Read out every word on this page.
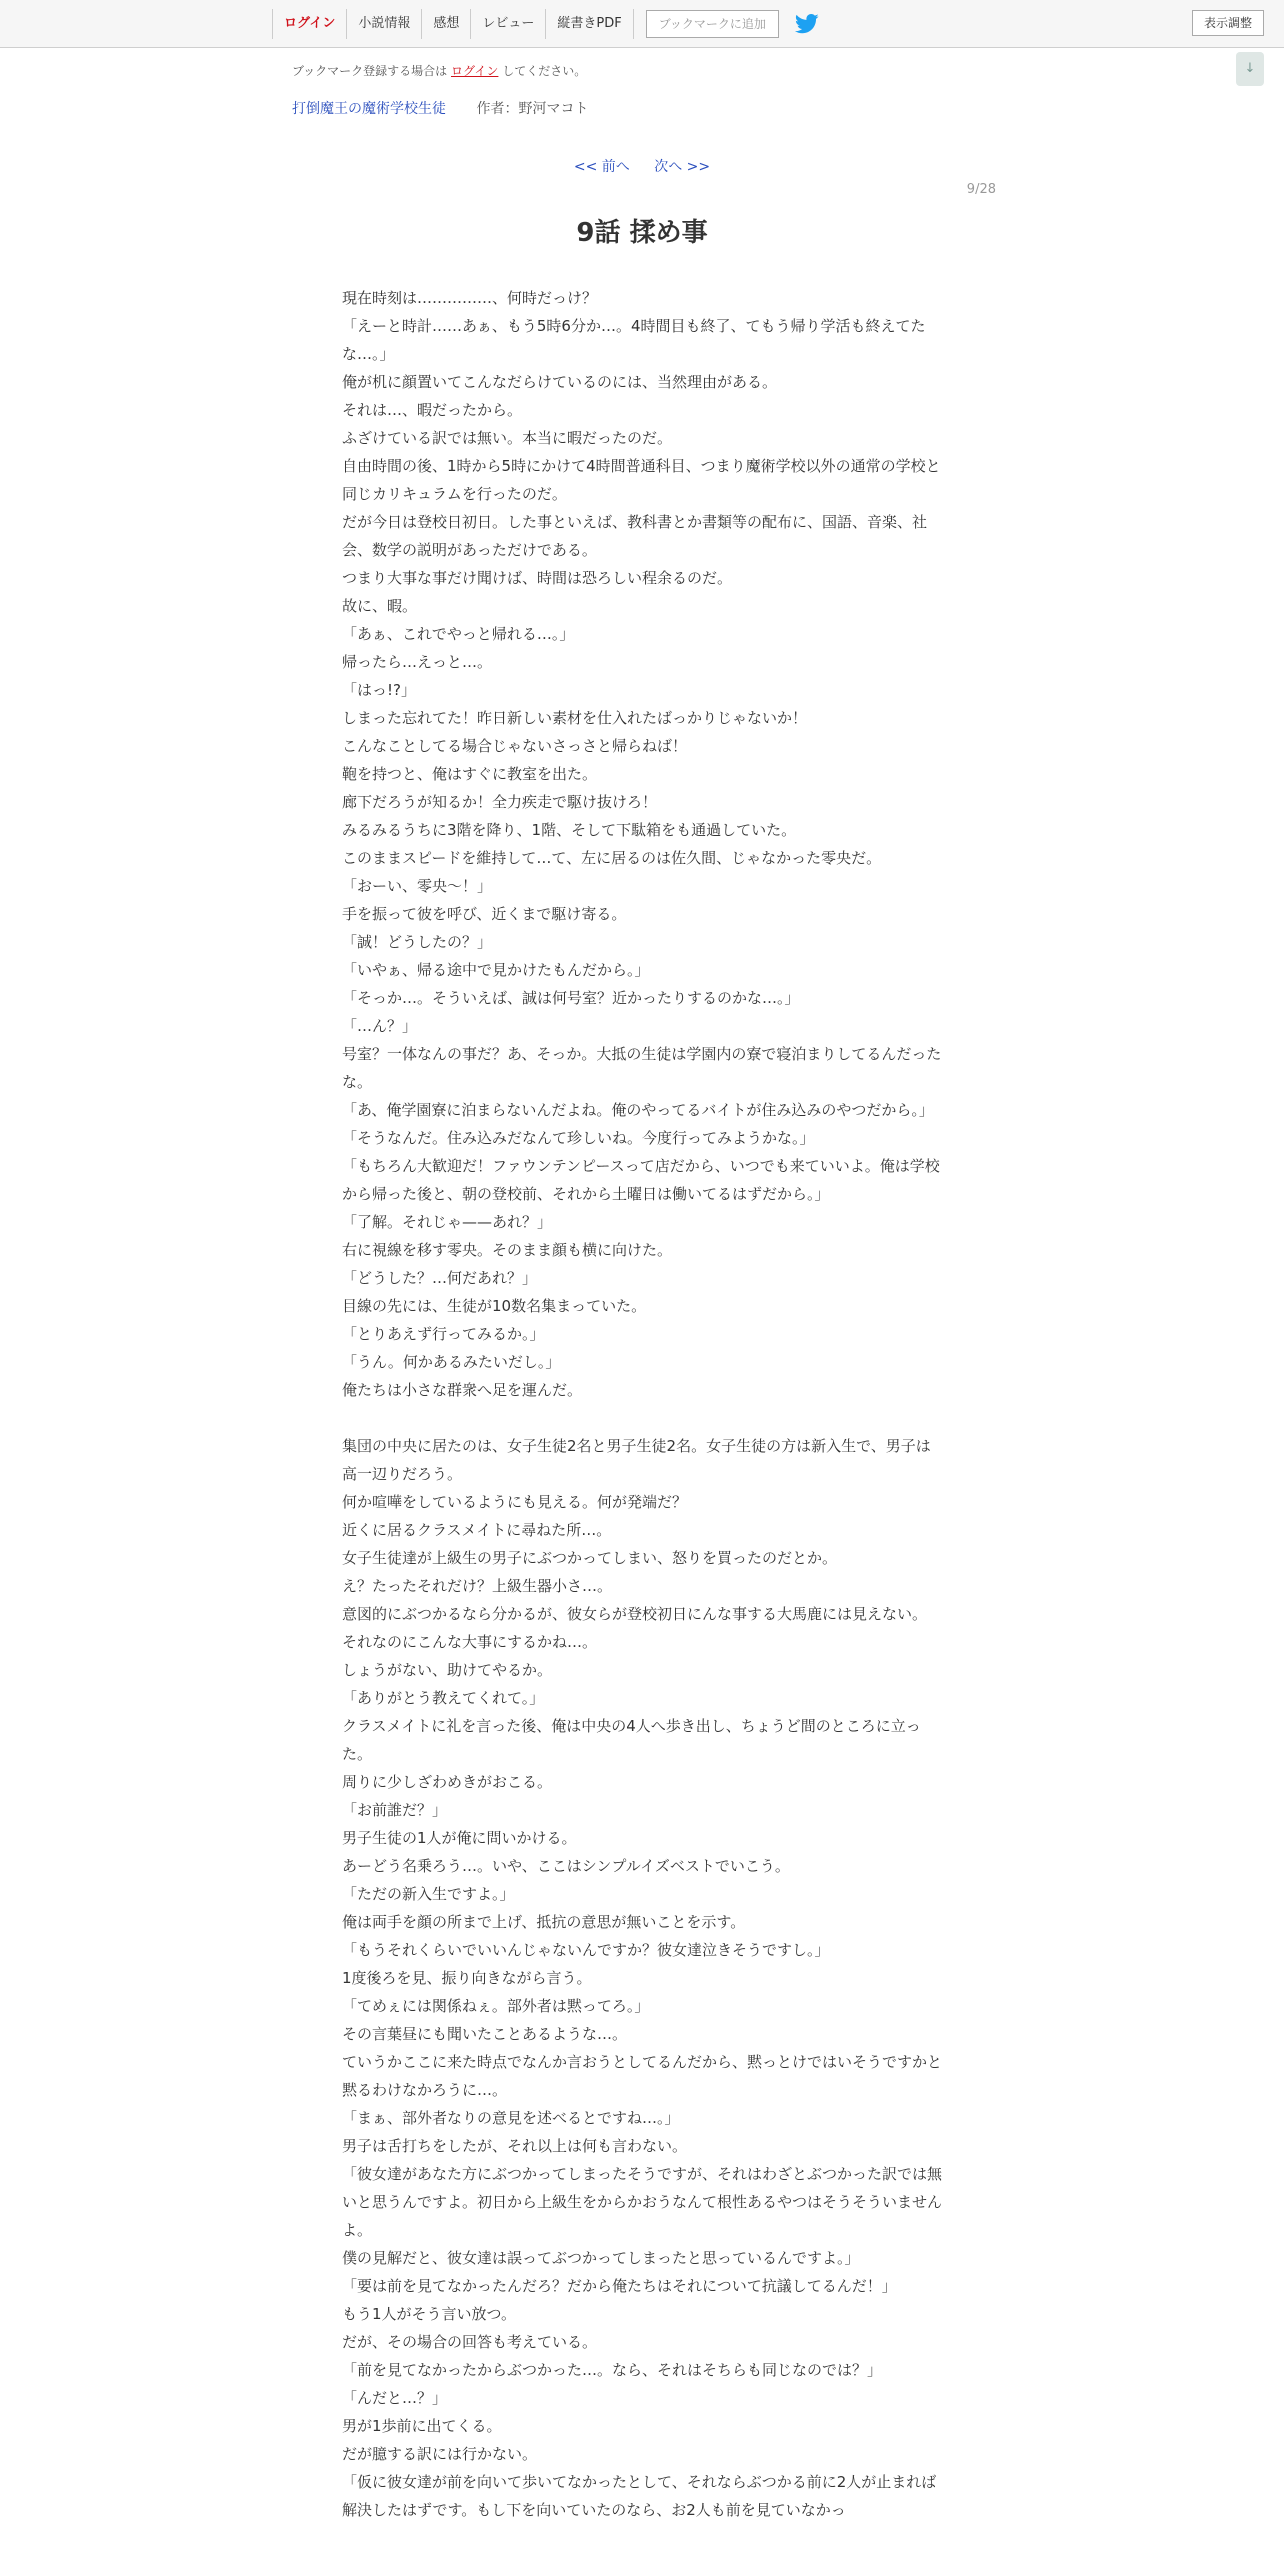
ログイン	小説情報	感想	レビュー	縦書きPDF	ブックマークに追加	表示調整
↓
ブックマーク登録する場合は ログイン してください。
打倒魔王の魔術学校生徒 作者：野河マコト
<< 前へ 次へ >>
9/28
9話 揉め事

現在時刻は……………、何時だっけ？

「えーと時計……あぁ、もう5時6分か…。4時間目も終了、てもう帰り学活も終えてたな…。」

俺が机に顔置いてこんなだらけているのには、当然理由がある。

それは…、暇だったから。

ふざけている訳では無い。本当に暇だったのだ。

自由時間の後、1時から5時にかけて4時間普通科目、つまり魔術学校以外の通常の学校と同じカリキュラムを行ったのだ。

だが今日は登校日初日。した事といえば、教科書とか書類等の配布に、国語、音楽、社会、数学の説明があっただけである。

つまり大事な事だけ聞けば、時間は恐ろしい程余るのだ。

故に、暇。

「あぁ、これでやっと帰れる…。」

帰ったら…えっと…。

「はっ!?」

しまった忘れてた！昨日新しい素材を仕入れたばっかりじゃないか！

こんなことしてる場合じゃないさっさと帰らねば！

鞄を持つと、俺はすぐに教室を出た。

廊下だろうが知るか！全力疾走で駆け抜けろ！

みるみるうちに3階を降り、1階、そして下駄箱をも通過していた。

このままスピードを維持して…て、左に居るのは佐久間、じゃなかった零央だ。

「おーい、零央〜！」

手を振って彼を呼び、近くまで駆け寄る。

「誠！どうしたの？」

「いやぁ、帰る途中で見かけたもんだから。」

「そっか…。そういえば、誠は何号室？近かったりするのかな…。」

「…ん？」

号室？一体なんの事だ？あ、そっか。大抵の生徒は学園内の寮で寝泊まりしてるんだったな。

「あ、俺学園寮に泊まらないんだよね。俺のやってるバイトが住み込みのやつだから。」

「そうなんだ。住み込みだなんて珍しいね。今度行ってみようかな。」

「もちろん大歓迎だ！ファウンテンピースって店だから、いつでも来ていいよ。俺は学校から帰った後と、朝の登校前、それから土曜日は働いてるはずだから。」

「了解。それじゃ——あれ？」

右に視線を移す零央。そのまま顔も横に向けた。

「どうした？…何だあれ？」

目線の先には、生徒が10数名集まっていた。

「とりあえず行ってみるか。」

「うん。何かあるみたいだし。」

俺たちは小さな群衆へ足を運んだ。

集団の中央に居たのは、女子生徒2名と男子生徒2名。女子生徒の方は新入生で、男子は高一辺りだろう。

何か喧嘩をしているようにも見える。何が発端だ？

近くに居るクラスメイトに尋ねた所…。

女子生徒達が上級生の男子にぶつかってしまい、怒りを買ったのだとか。

え？たったそれだけ？上級生器小さ…。

意図的にぶつかるなら分かるが、彼女らが登校初日にんな事する大馬鹿には見えない。

それなのにこんな大事にするかね…。

しょうがない、助けてやるか。

「ありがとう教えてくれて。」

クラスメイトに礼を言った後、俺は中央の4人へ歩き出し、ちょうど間のところに立った。

周りに少しざわめきがおこる。

「お前誰だ？」

男子生徒の1人が俺に問いかける。

あーどう名乗ろう…。いや、ここはシンプルイズベストでいこう。

「ただの新入生ですよ。」

俺は両手を顔の所まで上げ、抵抗の意思が無いことを示す。

「もうそれくらいでいいんじゃないんですか？彼女達泣きそうですし。」

1度後ろを見、振り向きながら言う。

「てめぇには関係ねぇ。部外者は黙ってろ。」

その言葉昼にも聞いたことあるような…。

ていうかここに来た時点でなんか言おうとしてるんだから、黙っとけではいそうですかと黙るわけなかろうに…。

「まぁ、部外者なりの意見を述べるとですね…。」

男子は舌打ちをしたが、それ以上は何も言わない。

「彼女達があなた方にぶつかってしまったそうですが、それはわざとぶつかった訳では無いと思うんですよ。初日から上級生をからかおうなんて根性あるやつはそうそういませんよ。

僕の見解だと、彼女達は誤ってぶつかってしまったと思っているんですよ。」

「要は前を見てなかったんだろ？だから俺たちはそれについて抗議してるんだ！」

もう1人がそう言い放つ。

だが、その場合の回答も考えている。

「前を見てなかったからぶつかった…。なら、それはそちらも同じなのでは？」

「んだと…？」

男が1歩前に出てくる。

だが臆する訳には行かない。

「仮に彼女達が前を向いて歩いてなかったとして、それならぶつかる前に2人が止まれば解決したはずです。もし下を向いていたのなら、お2人も前を見ていなかっ
